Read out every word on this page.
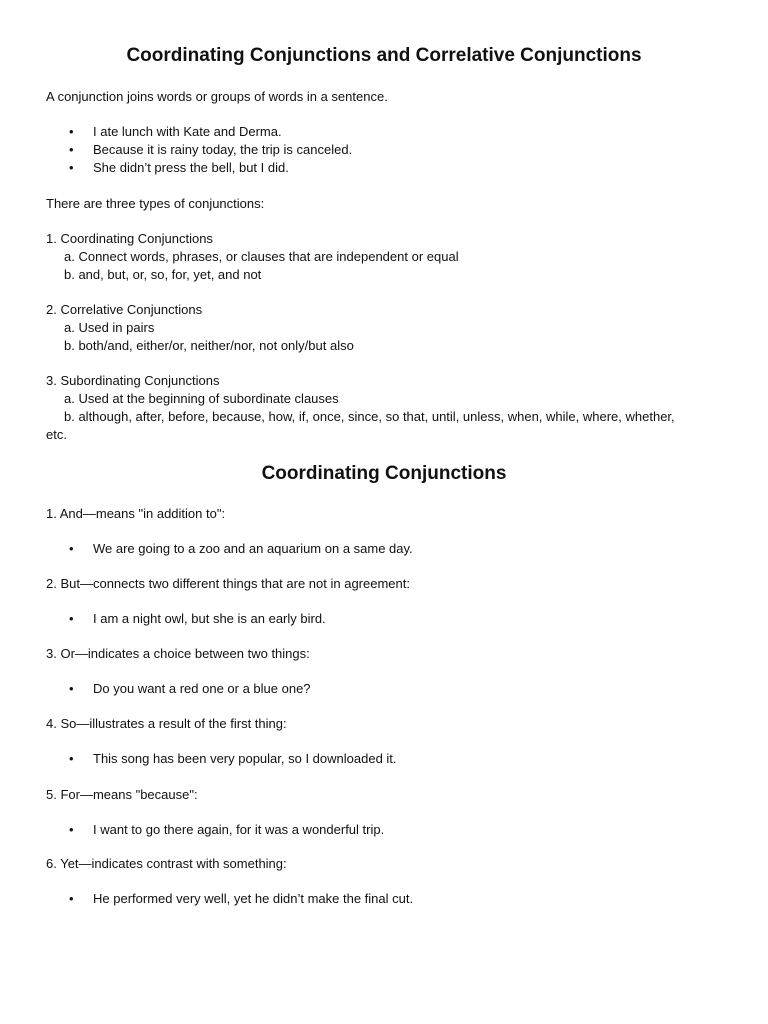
Coordinating Conjunctions and Correlative Conjunctions

A conjunction joins words or groups of words in a sentence.

•	I ate lunch with Kate and Derma.
•	Because it is rainy today, the trip is canceled.
•	She didn’t press the bell, but I did.

There are three types of conjunctions:

1. Coordinating Conjunctions

a. Connect words, phrases, or clauses that are independent or equal

b. and, but, or, so, for, yet, and not

2. Correlative Conjunctions

a. Used in pairs

b. both/and, either/or, neither/nor, not only/but also

3. Subordinating Conjunctions

a. Used at the beginning of subordinate clauses

b. although, after, before, because, how, if, once, since, so that, until, unless, when, while, where, whether, etc.

Coordinating Conjunctions

1. And—means "in addition to":

•	We are going to a zoo and an aquarium on a same day.

2. But—connects two different things that are not in agreement:

•	I am a night owl, but she is an early bird.

3. Or—indicates a choice between two things:

•	Do you want a red one or a blue one?

4. So—illustrates a result of the first thing:

•	This song has been very popular, so I downloaded it.

5. For—means "because":

•	I want to go there again, for it was a wonderful trip.

6. Yet—indicates contrast with something:

•	He performed very well, yet he didn’t make the final cut.
